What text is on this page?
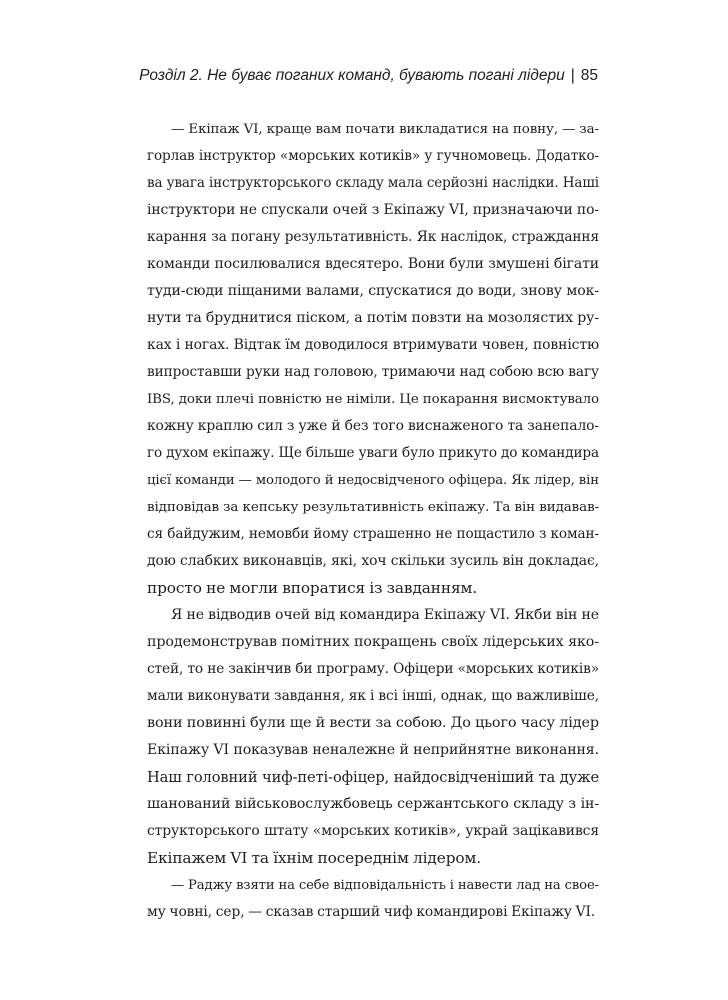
Розділ 2. Не буває поганих команд, бувають погані лідери | 85
— Екіпаж VI, краще вам почати викладатися на повну, — за-
горлав інструктор «морських котиків» у гучномовець. Додатко-
ва увага інструкторського складу мала серйозні наслідки. Наші
інструктори не спускали очей з Екіпажу VI, призначаючи по-
карання за погану результативність. Як наслідок, страждання
команди посилювалися вдесятеро. Вони були змушені бігати
туди-сюди піщаними валами, спускатися до води, знову мок-
нути та бруднитися піском, а потім повзти на мозолястих ру-
ках і ногах. Відтак їм доводилося втримувати човен, повністю
випроставши руки над головою, тримаючи над собою всю вагу
IBS, доки плечі повністю не німіли. Це покарання висмоктувало
кожну краплю сил з уже й без того виснаженого та занепало-
го духом екіпажу. Ще більше уваги було прикуто до командира
цієї команди — молодого й недосвідченого офіцера. Як лідер, він
відповідав за кепську результативність екіпажу. Та він видавав-
ся байдужим, немовби йому страшенно не пощастило з коман-
дою слабких виконавців, які, хоч скільки зусиль він докладає,
просто не могли впоратися із завданням.
Я не відводив очей від командира Екіпажу VI. Якби він не
продемонстрував помітних покращень своїх лідерських яко-
стей, то не закінчив би програму. Офіцери «морських котиків»
мали виконувати завдання, як і всі інші, однак, що важливіше,
вони повинні були ще й вести за собою. До цього часу лідер
Екіпажу VI показував неналежне й неприйнятне виконання.
Наш головний чиф-петі-офіцер, найдосвідченіший та дуже
шанований військовослужбовець сержантського складу з ін-
структорського штату «морських котиків», украй зацікавився
Екіпажем VI та їхнім посереднім лідером.
— Раджу взяти на себе відповідальність і навести лад на свое-
му човні, сер, — сказав старший чиф командирові Екіпажу VI.
